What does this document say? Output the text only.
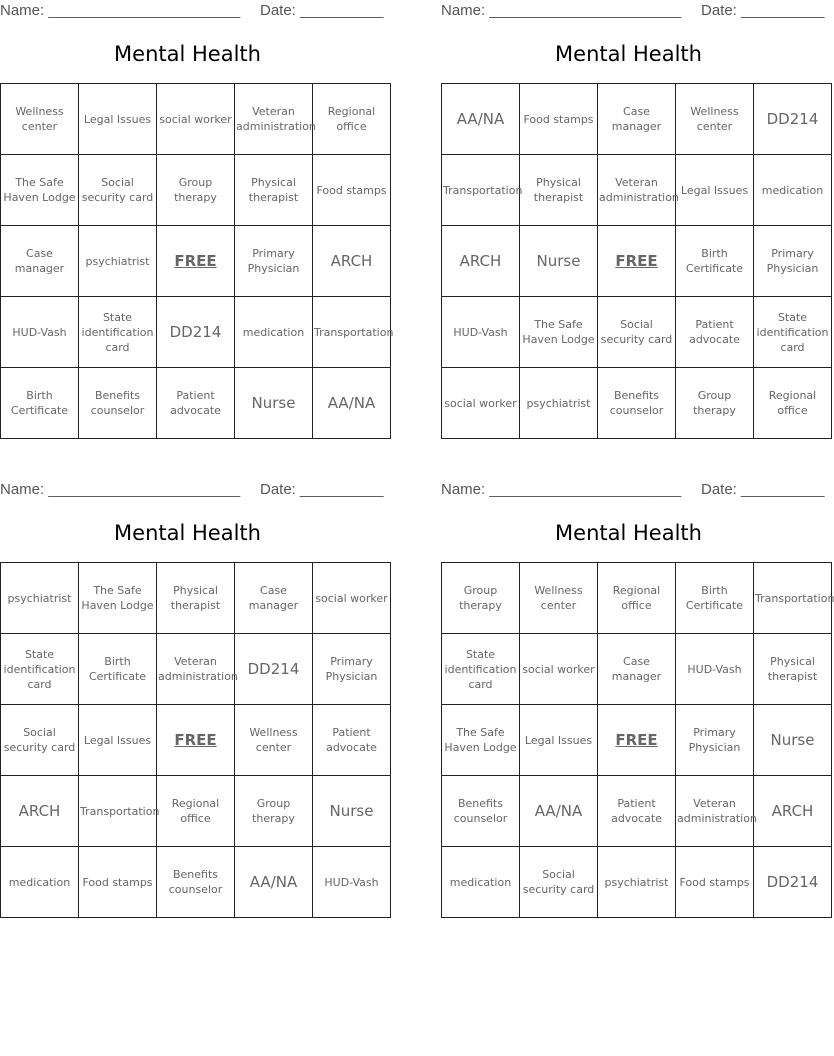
Name: _______________________ Date: __________
Mental Health
Wellness center	Legal Issues	social worker	Veteran administration	Regional office
The Safe Haven Lodge	Social security card	Group therapy	Physical therapist	Food stamps
Case manager	psychiatrist	FREE	Primary Physician	ARCH
HUD-Vash	State identification card	DD214	medication	Transportation
Birth Certificate	Benefits counselor	Patient advocate	Nurse	AA/NA
Name: _______________________ Date: __________
Mental Health
AA/NA	Food stamps	Case manager	Wellness center	DD214
Transportation	Physical therapist	Veteran administration	Legal Issues	medication
ARCH	Nurse	FREE	Birth Certificate	Primary Physician
HUD-Vash	The Safe Haven Lodge	Social security card	Patient advocate	State identification card
social worker	psychiatrist	Benefits counselor	Group therapy	Regional office
Name: _______________________ Date: __________
Mental Health
psychiatrist	The Safe Haven Lodge	Physical therapist	Case manager	social worker
State identification card	Birth Certificate	Veteran administration	DD214	Primary Physician
Social security card	Legal Issues	FREE	Wellness center	Patient advocate
ARCH	Transportation	Regional office	Group therapy	Nurse
medication	Food stamps	Benefits counselor	AA/NA	HUD-Vash
Name: _______________________ Date: __________
Mental Health
Group therapy	Wellness center	Regional office	Birth Certificate	Transportation
State identification card	social worker	Case manager	HUD-Vash	Physical therapist
The Safe Haven Lodge	Legal Issues	FREE	Primary Physician	Nurse
Benefits counselor	AA/NA	Patient advocate	Veteran administration	ARCH
medication	Social security card	psychiatrist	Food stamps	DD214
